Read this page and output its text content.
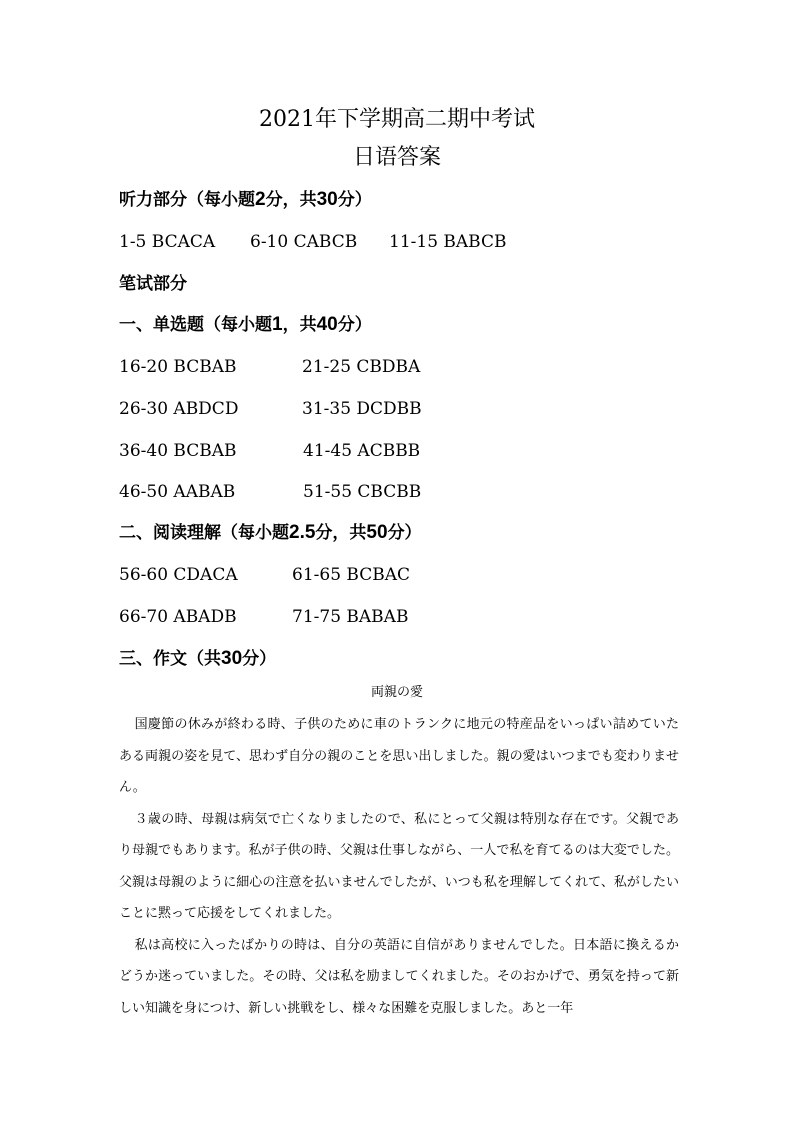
2021年下学期高二期中考试
日语答案
听力部分（每小题2分，共30分）
1-5 BCACA 6-10 CABCB 11-15 BABCB
笔试部分
一、单选题（每小题1，共40分）
16-20 BCBAB	21-25 CBDBA
26-30 ABDCD	31-35 DCDBB
36-40 BCBAB	41-45 ACBBB
46-50 AABAB	51-55 CBCBB
二、阅读理解（每小题2.5分，共50分）
56-60 CDACA	61-65 BCBAC
66-70 ABADB	71-75 BABAB
三、作文（共30分）
両親の愛

国慶節の休みが終わる時、子供のために車のトランクに地元の特産品をいっぱい詰めていたある両親の姿を見て、思わず自分の親のことを思い出しました。親の愛はいつまでも変わりません。

３歳の時、母親は病気で亡くなりましたので、私にとって父親は特別な存在です。父親であり母親でもあります。私が子供の時、父親は仕事しながら、一人で私を育てるのは大変でした。父親は母親のように細心の注意を払いませんでしたが、いつも私を理解してくれて、私がしたいことに黙って応援をしてくれました。

私は高校に入ったばかりの時は、自分の英語に自信がありませんでした。日本語に換えるかどうか迷っていました。その時、父は私を励ましてくれました。そのおかげで、勇気を持って新しい知識を身につけ、新しい挑戦をし、様々な困難を克服しました。あと一年
